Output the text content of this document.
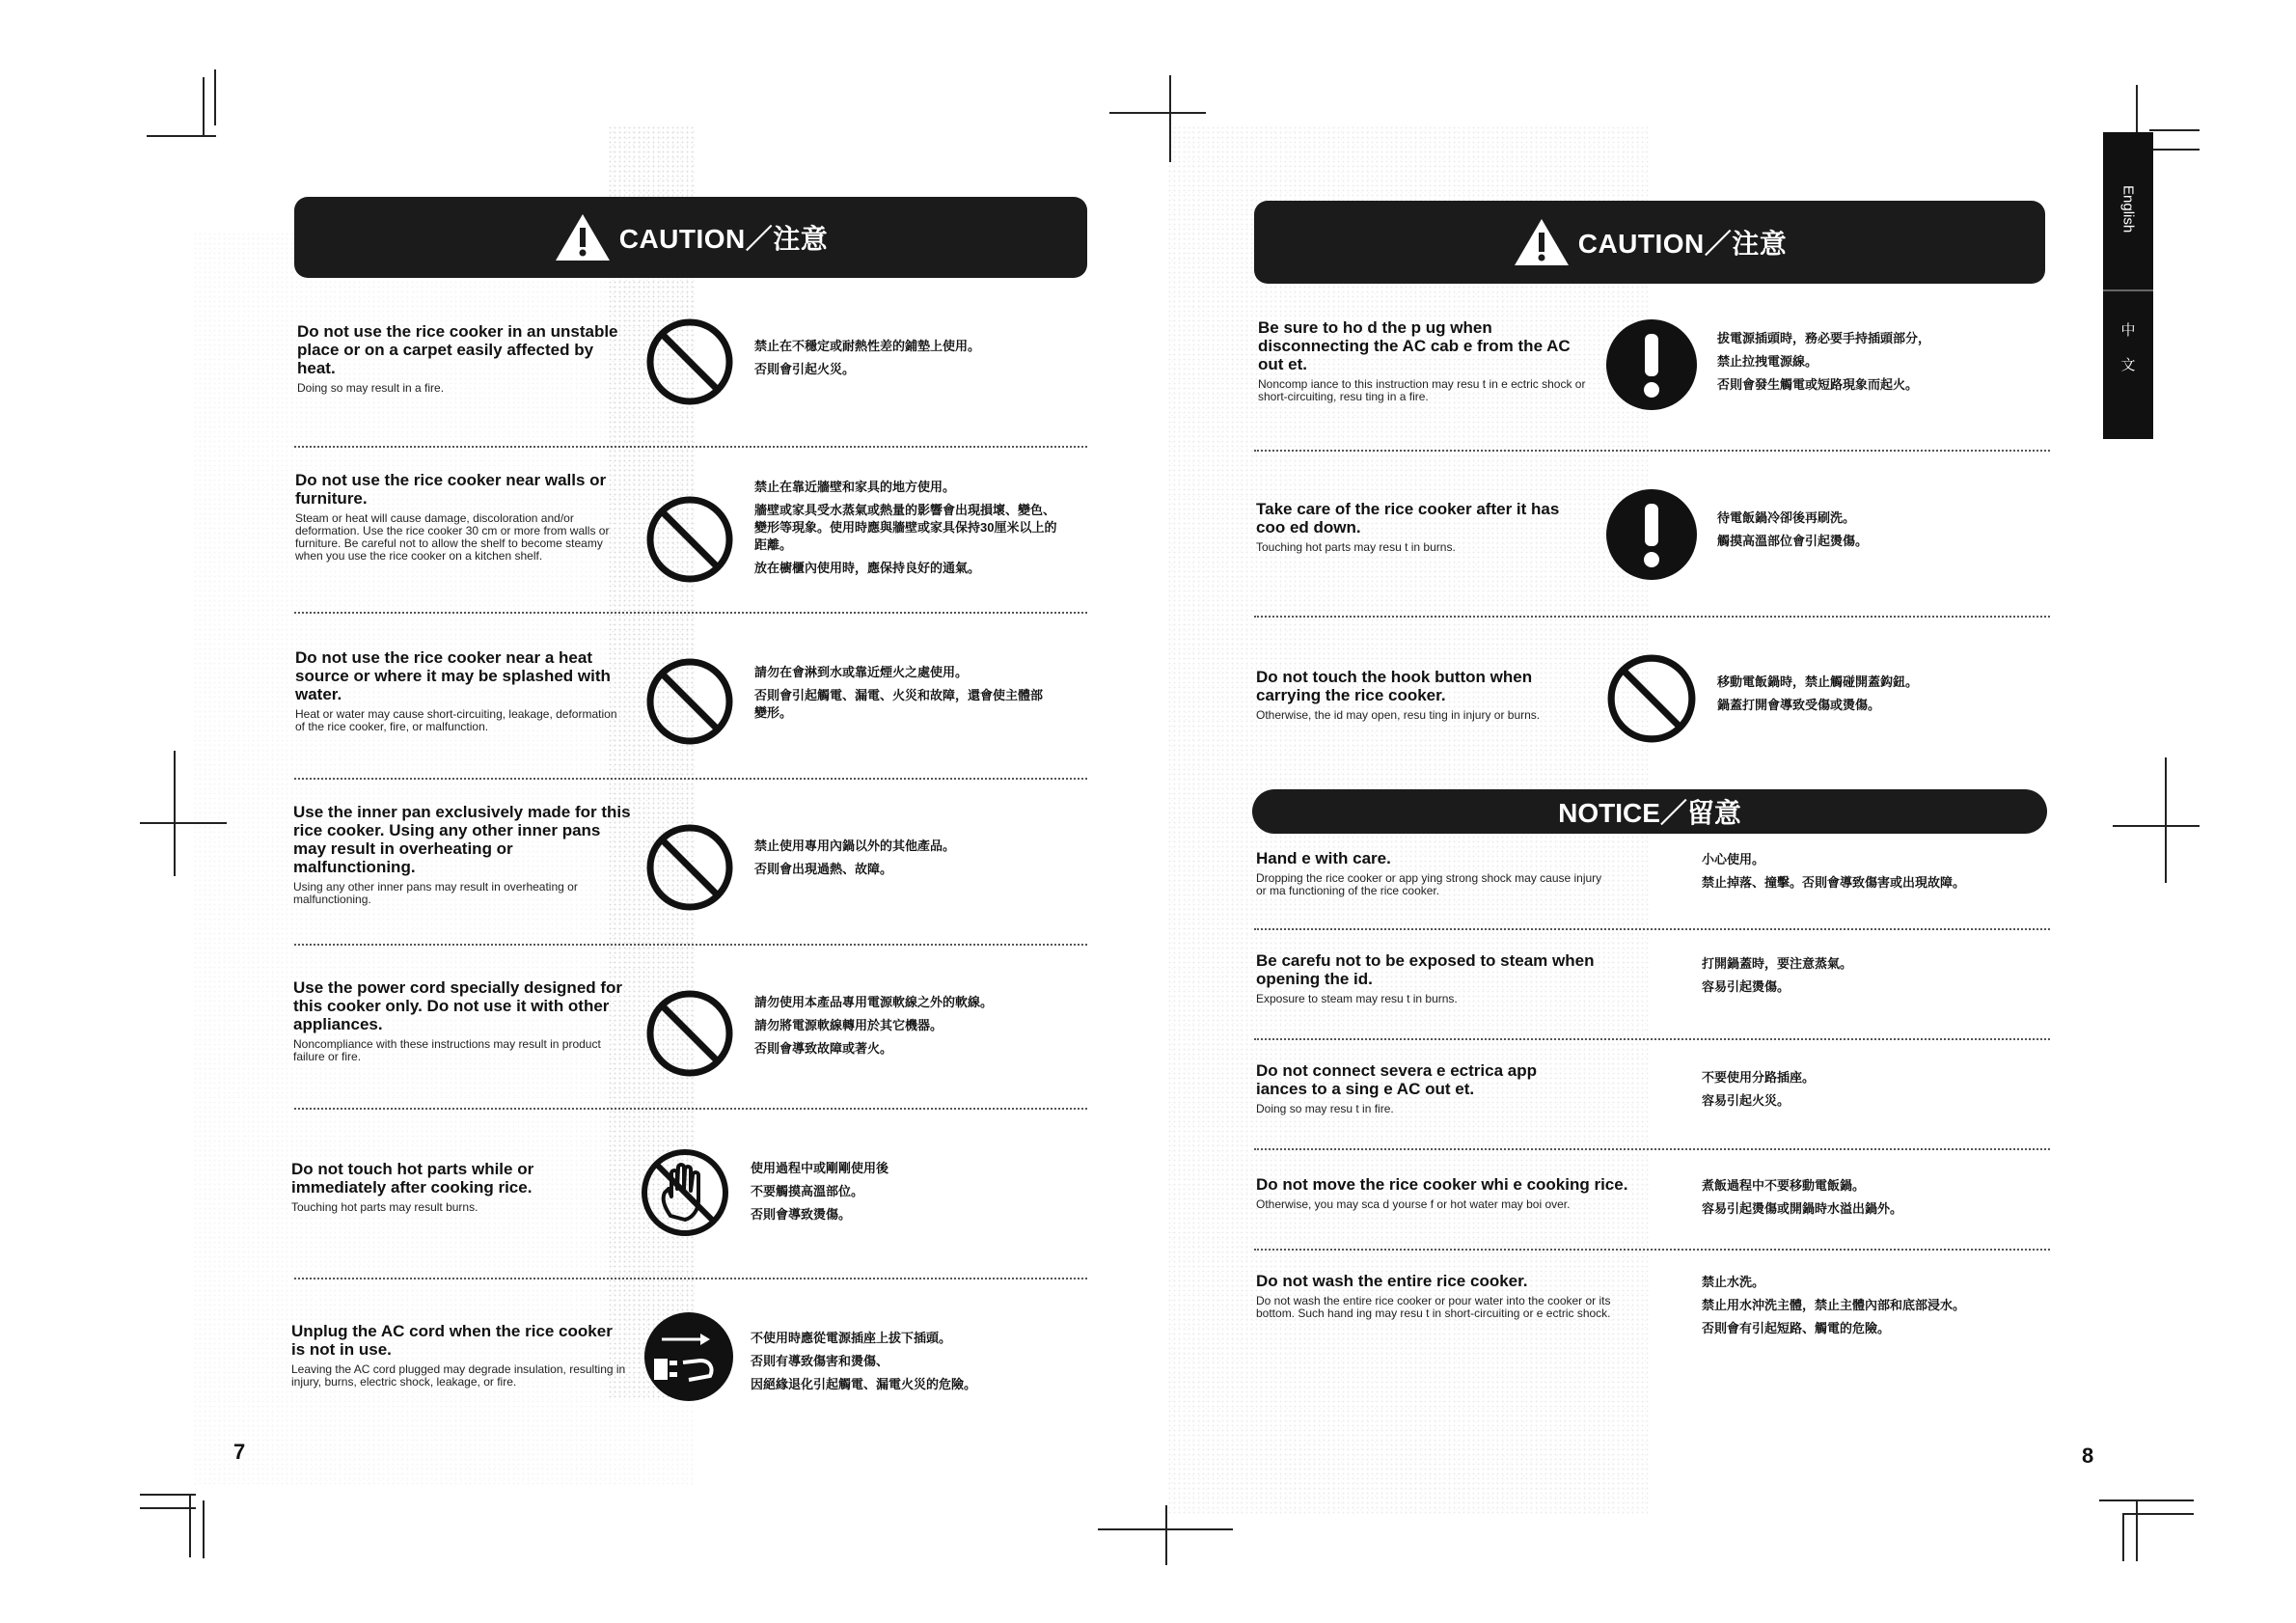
CAUTION／注意
Do not use the rice cooker in an unstable place or on a carpet easily affected by heat.
Doing so may result in a fire.
禁止在不穩定或耐熱性差的鋪墊上使用。
否則會引起火災。
Do not use the rice cooker near walls or furniture.
Steam or heat will cause damage, discoloration and/or deformation. Use the rice cooker 30 cm or more from walls or furniture. Be careful not to allow the shelf to become steamy when you use the rice cooker on a kitchen shelf.
禁止在靠近牆壁和家具的地方使用。
牆壁或家具受水蒸氣或熱量的影響會出現損壞、變色、變形等現象。使用時應與牆壁或家具保持30厘米以上的距離。
放在櫥櫃內使用時，應保持良好的通氣。
Do not use the rice cooker near a heat source or where it may be splashed with water.
Heat or water may cause short-circuiting, leakage, deformation of the rice cooker, fire, or malfunction.
請勿在會淋到水或靠近煙火之處使用。
否則會引起觸電、漏電、火災和故障，還會使主體部變形。
Use the inner pan exclusively made for this rice cooker. Using any other inner pans may result in overheating or malfunctioning.
Using any other inner pans may result in overheating or malfunctioning.
禁止使用專用內鍋以外的其他產品。
否則會出現過熱、故障。
Use the power cord specially designed for this cooker only. Do not use it with other appliances.
Noncompliance with these instructions may result in product failure or fire.
請勿使用本產品專用電源軟線之外的軟線。
請勿將電源軟線轉用於其它機器。
否則會導致故障或著火。
Do not touch hot parts while or immediately after cooking rice.
Touching hot parts may result burns.
使用過程中或剛剛使用後
不要觸摸高溫部位。
否則會導致燙傷。
Unplug the AC cord when the rice cooker is not in use.
Leaving the AC cord plugged may degrade insulation, resulting in injury, burns, electric shock, leakage, or fire.
不使用時應從電源插座上拔下插頭。
否則有導致傷害和燙傷、
因絕緣退化引起觸電、漏電火災的危險。
7
CAUTION／注意
Be sure to ho d the p ug when disconnecting the AC cab e from the AC out et.
Noncomp iance to this instruction may resu t in e ectric shock or short-circuiting, resu ting in a fire.
拔電源插頭時，務必要手持插頭部分，
禁止拉拽電源線。
否則會發生觸電或短路現象而起火。
Take care of the rice cooker after it has coo ed down.
Touching hot parts may resu t in burns.
待電飯鍋冷卻後再刷洗。
觸摸高溫部位會引起燙傷。
Do not touch the hook button when carrying the rice cooker.
Otherwise, the id may open, resu ting in injury or burns.
移動電飯鍋時，禁止觸碰開蓋鈎鈕。
鍋蓋打開會導致受傷或燙傷。
NOTICE／留意
Hand e with care.
Dropping the rice cooker or app ying strong shock may cause injury or ma functioning of the rice cooker.
小心使用。
禁止掉落、撞擊。否則會導致傷害或出現故障。
Be carefu not to be exposed to steam when opening the id.
Exposure to steam may resu t in burns.
打開鍋蓋時，要注意蒸氣。
容易引起燙傷。
Do not connect severa e ectrica app iances to a sing e AC out et.
Doing so may resu t in fire.
不要使用分路插座。
容易引起火災。
Do not move the rice cooker whi e cooking rice.
Otherwise, you may sca d yourse f or hot water may boi over.
煮飯過程中不要移動電飯鍋。
容易引起燙傷或開鍋時水溢出鍋外。
Do not wash the entire rice cooker.
Do not wash the entire rice cooker or pour water into the cooker or its bottom. Such hand ing may resu t in short-circuiting or e ectric shock.
禁止水洗。
禁止用水沖洗主體，禁止主體內部和底部浸水。
否則會有引起短路、觸電的危險。
8
English
中
文
